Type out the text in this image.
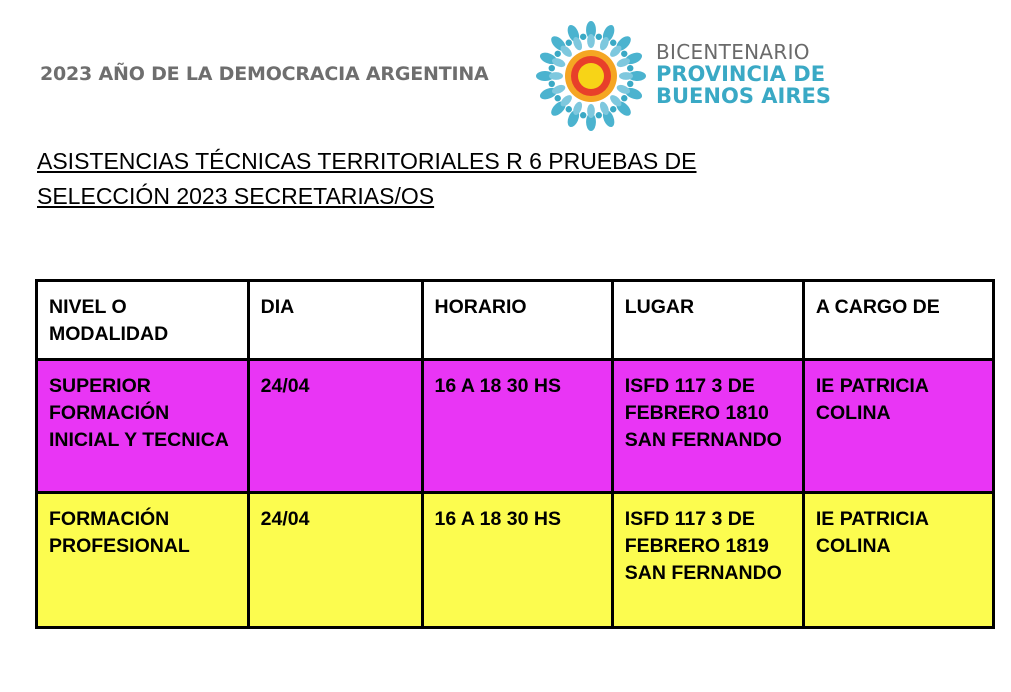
2023 AÑO DE LA DEMOCRACIA ARGENTINA
BICENTENARIO
PROVINCIA DE
BUENOS AIRES
ASISTENCIAS TÉCNICAS TERRITORIALES R 6 PRUEBAS DE
SELECCIÓN 2023 SECRETARIAS/OS
NIVEL O MODALIDAD	DIA	HORARIO	LUGAR	A CARGO DE
SUPERIOR FORMACIÓN INICIAL Y TECNICA	24/04	16 A 18 30 HS	ISFD 117 3 DE FEBRERO 1810 SAN FERNANDO	IE PATRICIA COLINA
FORMACIÓN PROFESIONAL	24/04	16 A 18 30 HS	ISFD 117 3 DE FEBRERO 1819 SAN FERNANDO	IE PATRICIA COLINA
